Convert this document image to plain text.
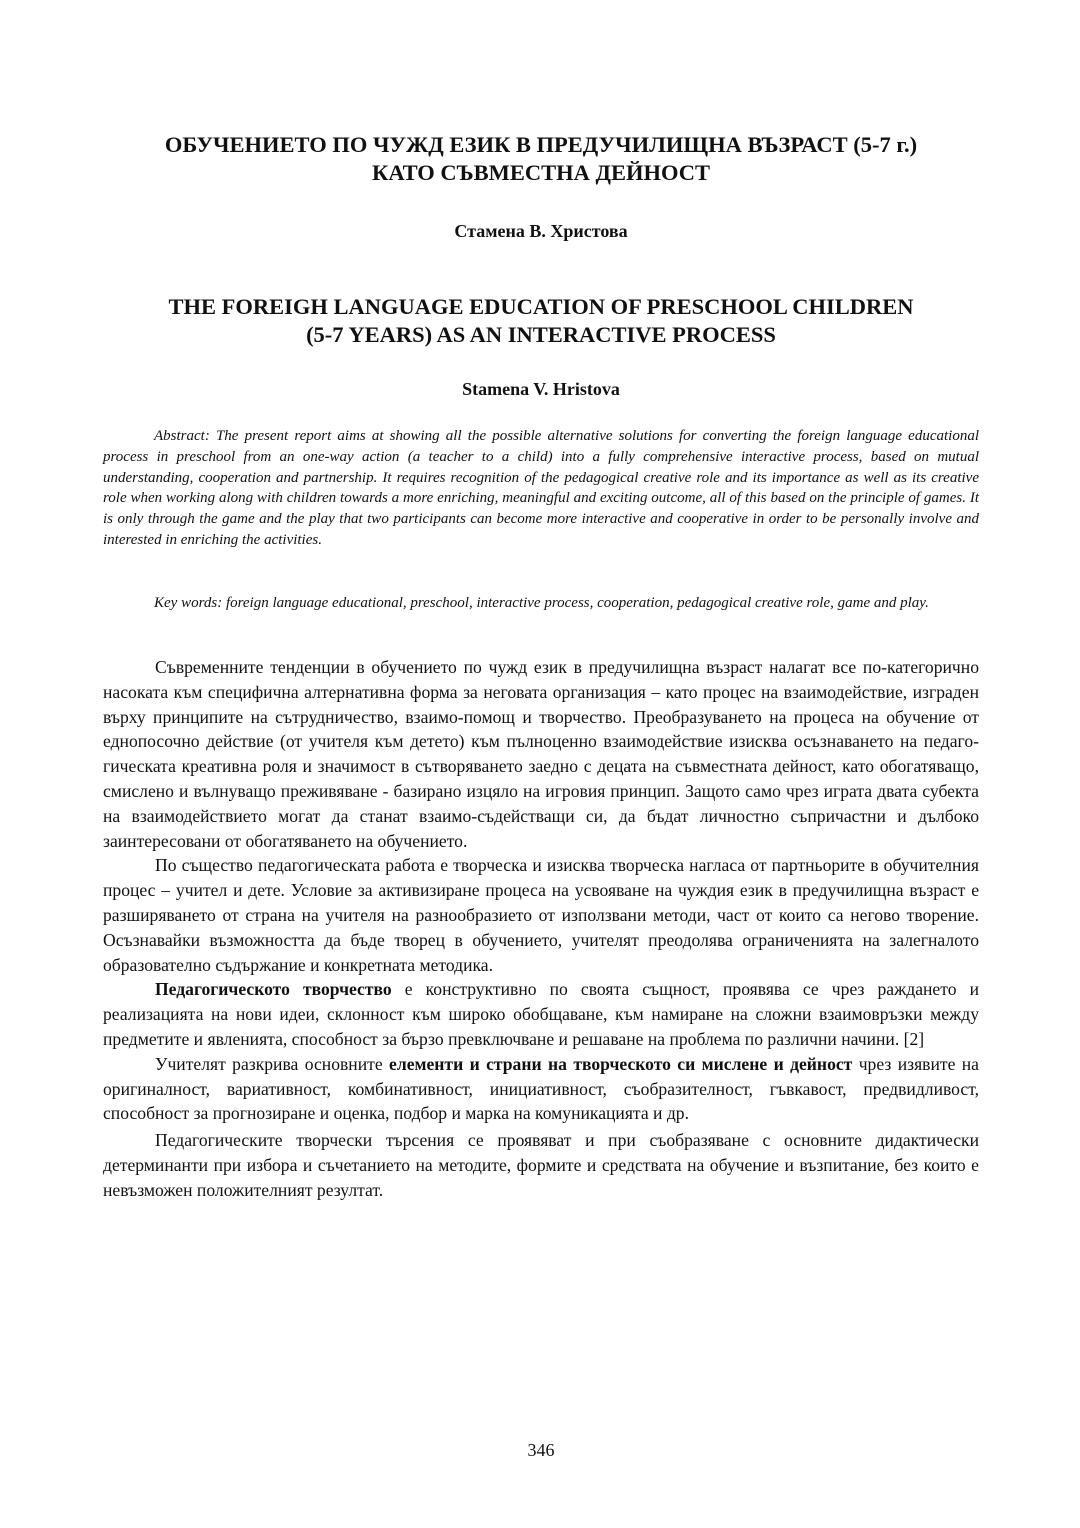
ОБУЧЕНИЕТО ПО ЧУЖД ЕЗИК В ПРЕДУЧИЛИЩНА ВЪЗРАСТ (5-7 г.)
КАТО СЪВМЕСТНА ДЕЙНОСТ

Стамена В. Христова

THE FOREIGH LANGUAGE EDUCATION OF PRESCHOOL CHILDREN
(5-7 YEARS) AS AN INTERACTIVE PROCESS

Stamena V. Hristova

Abstract: The present report aims at showing all the possible alternative solutions for converting the foreign language educational process in preschool from an one-way action (a teacher to a child) into a fully comprehensive interactive process, based on mutual understanding, cooperation and partnership. It requires recognition of the pedagogical creative role and its importance as well as its creative role when working along with children towards a more enriching, meaningful and exciting outcome, all of this based on the principle of games. It is only through the game and the play that two participants can become more interactive and cooperative in order to be personally involve and interested in enriching the activities.

Key words: foreign language educational, preschool, interactive process, cooperation, pedagogical creative role, game and play.

Съвременните тенденции в обучението по чужд език в предучилищна възраст налагат все по-категорично насоката към специфична алтернативна форма за неговата организация – като процес на взаимодействие, изграден върху принципите на сътрудничество, взаимо-помощ и творчество. Преобразуването на процеса на обучение от еднопосочно действие (от учителя към детето) към пълноценно взаимодействие изисква осъзнаването на педаго-гическата креативна роля и значимост в сътворяването заедно с децата на съвместната дейност, като обогатяващо, смислено и вълнуващо преживяване - базирано изцяло на игровия принцип. Защото само чрез играта двата субекта на взаимодействието могат да станат взаимо-съдействащи си, да бъдат личностно съпричастни и дълбоко заинтересовани от обогатяването на обучението.

По същество педагогическата работа е творческа и изисква творческа нагласа от партньорите в обучителния процес – учител и дете. Условие за активизиране процеса на усвояване на чуждия език в предучилищна възраст е разширяването от страна на учителя на разнообразието от използвани методи, част от които са негово творение. Осъзнавайки възможността да бъде творец в обучението, учителят преодолява ограниченията на залегналото образователно съдържание и конкретната методика.

Педагогическото творчество е конструктивно по своята същност, проявява се чрез раждането и реализацията на нови идеи, склонност към широко обобщаване, към намиране на сложни взаимовръзки между предметите и явленията, способност за бързо превключване и решаване на проблема по различни начини. [2]

Учителят разкрива основните елементи и страни на творческото си мислене и дейност чрез изявите на оригиналност, вариативност, комбинативност, инициативност, съобразителност, гъвкавост, предвидливост, способност за прогнозиране и оценка, подбор и марка на комуникацията и др.

Педагогическите творчески търсения се проявяват и при съобразяване с основните дидактически детерминанти при избора и съчетанието на методите, формите и средствата на обучение и възпитание, без които е невъзможен положителният резултат.

346
